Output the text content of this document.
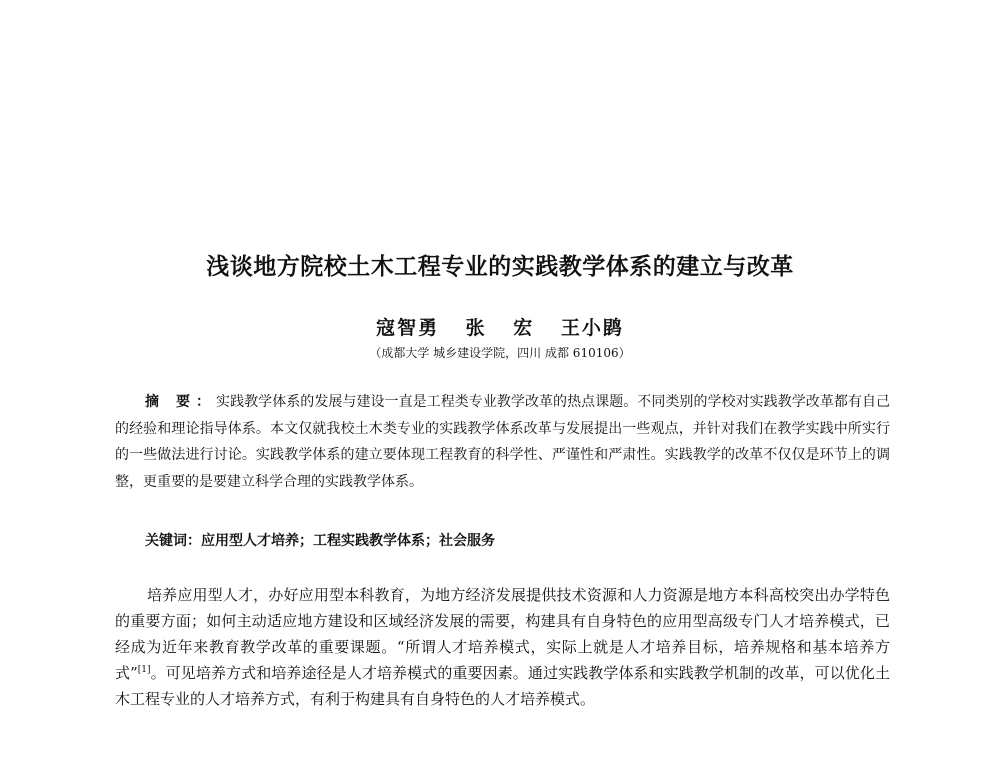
浅谈地方院校土木工程专业的实践教学体系的建立与改革
寇智勇 张 宏 王小鹍
（成都大学 城乡建设学院，四川 成都 610106）
摘 要：实践教学体系的发展与建设一直是工程类专业教学改革的热点课题。不同类别的学校对实践教学改革都有自己的经验和理论指导体系。本文仅就我校土木类专业的实践教学体系改革与发展提出一些观点，并针对我们在教学实践中所实行的一些做法进行讨论。实践教学体系的建立要体现工程教育的科学性、严谨性和严肃性。实践教学的改革不仅仅是环节上的调整，更重要的是要建立科学合理的实践教学体系。
关键词：应用型人才培养；工程实践教学体系；社会服务
培养应用型人才，办好应用型本科教育，为地方经济发展提供技术资源和人力资源是地方本科高校突出办学特色的重要方面；如何主动适应地方建设和区域经济发展的需要，构建具有自身特色的应用型高级专门人才培养模式，已经成为近年来教育教学改革的重要课题。“所谓人才培养模式，实际上就是人才培养目标，培养规格和基本培养方式”[1]。可见培养方式和培养途径是人才培养模式的重要因素。通过实践教学体系和实践教学机制的改革，可以优化土木工程专业的人才培养方式，有利于构建具有自身特色的人才培养模式。
